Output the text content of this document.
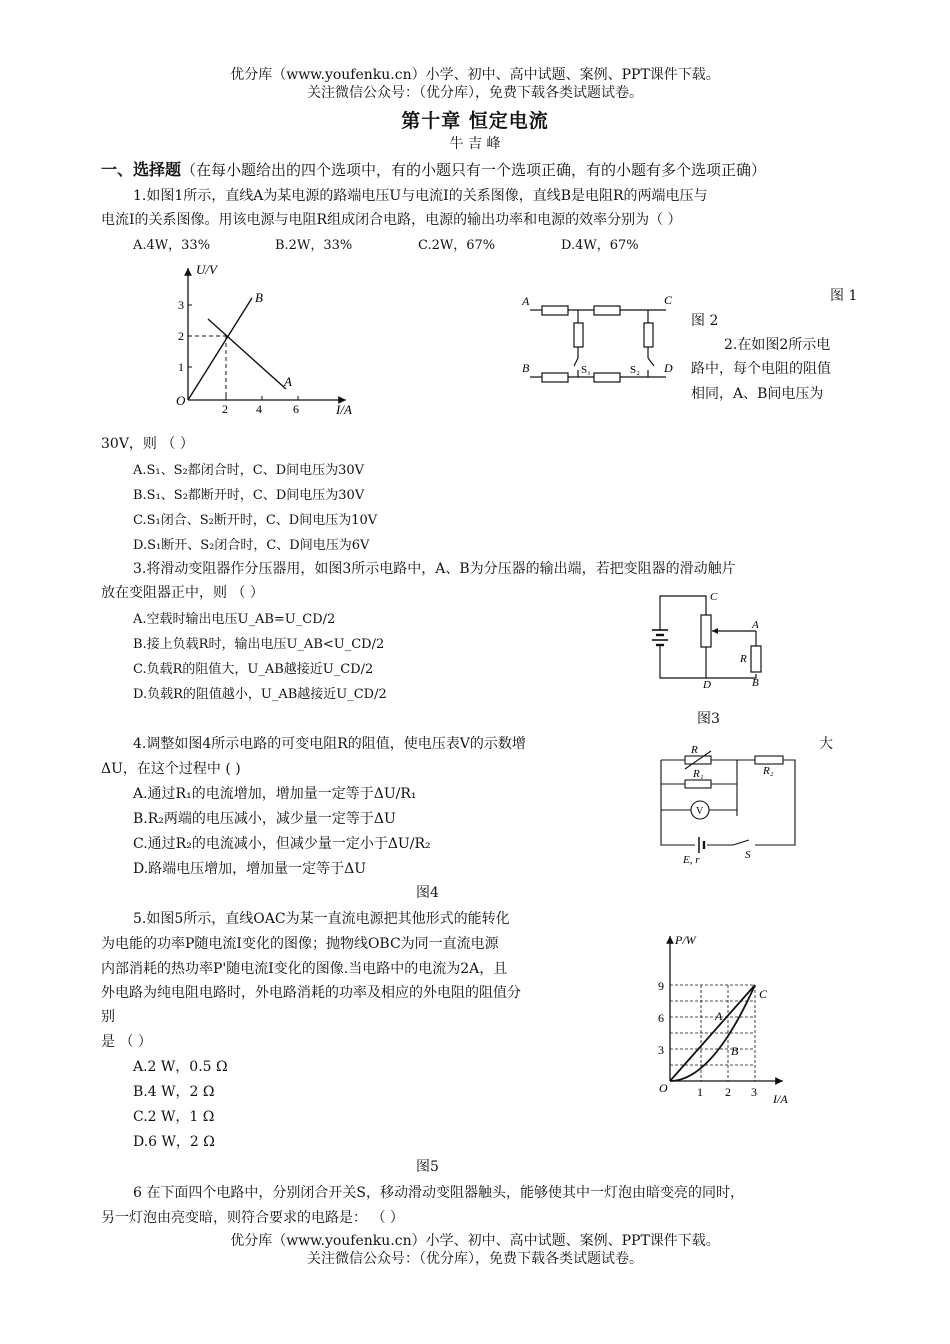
优分库（www.youfenku.cn）小学、初中、高中试题、案例、PPT课件下载。
关注微信公众号：（优分库），免费下载各类试题试卷。
第十章 恒定电流
牛 吉 峰
一、选择题（在每小题给出的四个选项中，有的小题只有一个选项正确，有的小题有多个选项正确）
1.如图1所示，直线A为某电源的路端电压U与电流I的关系图像，直线B是电阻R的两端电压与
电流I的关系图像。用该电源与电阻R组成闭合电路，电源的输出功率和电源的效率分别为（ ）
A.4W，33%	B.2W，33%	C.2W，67%	D.4W，67%
U/V
I/A
O
1
2
3
2 4	6
B
A
A
B
C
D
S₁	S₂
图 1
图 2
2.在如图2所示电
路中，每个电阻的阻值
相同，A、B间电压为
30V，则 （ ）
A.S₁、S₂都闭合时，C、D间电压为30V
B.S₁、S₂都断开时，C、D间电压为30V
C.S₁闭合、S₂断开时，C、D间电压为10V
D.S₁断开、S₂闭合时，C、D间电压为6V
3.将滑动变阻器作分压器用，如图3所示电路中，A、B为分压器的输出端，若把变阻器的滑动触片
放在变阻器正中，则 （ ）
A.空载时输出电压U_AB=U_CD/2
B.接上负载R时，输出电压U_AB<U_CD/2
C.负载R的阻值大，U_AB越接近U_CD/2
D.负载R的阻值越小，U_AB越接近U_CD/2
C
A
R
D	B
图3
4.调整如图4所示电路的可变电阻R的阻值，使电压表V的示数增	大
ΔU，在这个过程中 ( )
A.通过R₁的电流增加，增加量一定等于ΔU/R₁
B.R₂两端的电压减小，减少量一定等于ΔU
C.通过R₂的电流减小，但减少量一定小于ΔU/R₂
D.路端电压增加，增加量一定等于ΔU
图4
R
R₁	R₂
V
E, r	S
5.如图5所示，直线OAC为某一直流电源把其他形式的能转化
为电能的功率P随电流I变化的图像；抛物线OBC为同一直流电源
内部消耗的热功率P'随电流I变化的图像.当电路中的电流为2A，且
外电路为纯电阻电路时，外电路消耗的功率及相应的外电阻的阻值分
别
是 （ ）
A.2 W，0.5 Ω
B.4 W，2 Ω
C.2 W，1 Ω
D.6 W，2 Ω
图5
P/W
I/A
O
3
6
9
1 2 3
A
B
C
6 在下面四个电路中，分别闭合开关S，移动滑动变阻器触头，能够使其中一灯泡由暗变亮的同时，
另一灯泡由亮变暗，则符合要求的电路是： （ ）
优分库（www.youfenku.cn）小学、初中、高中试题、案例、PPT课件下载。
关注微信公众号：（优分库），免费下载各类试题试卷。
